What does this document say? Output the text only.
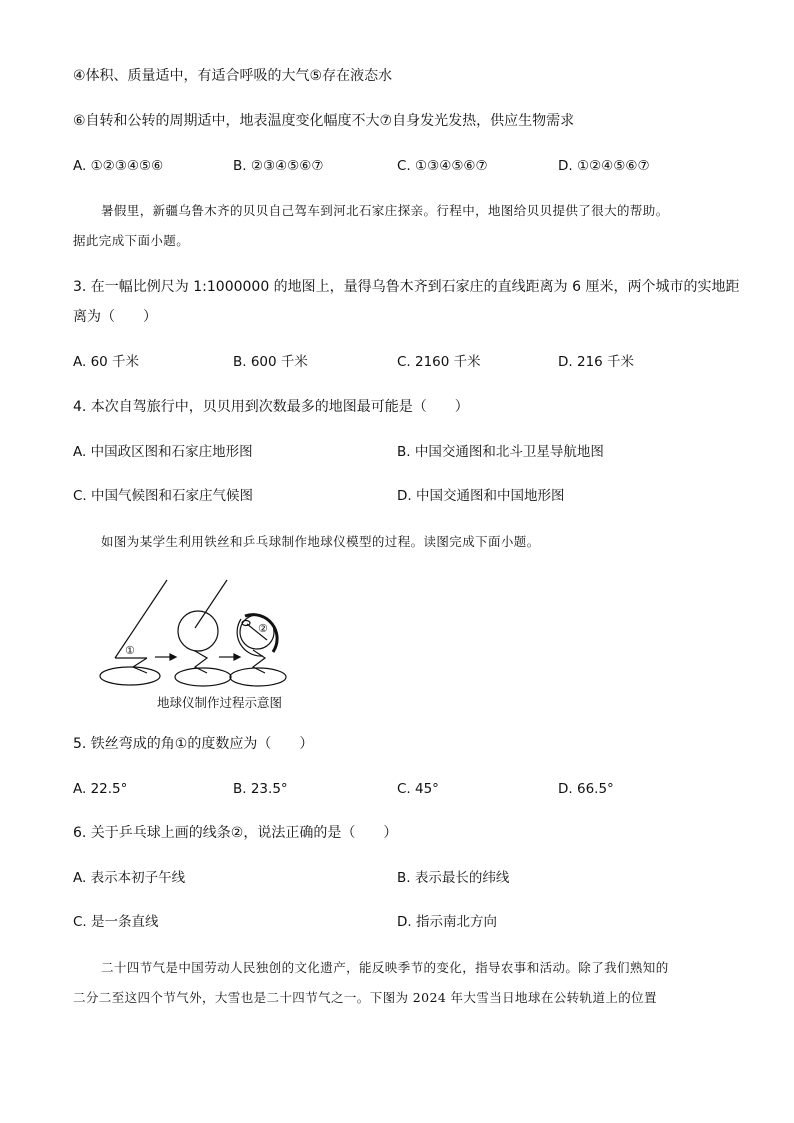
④体积、质量适中，有适合呼吸的大气⑤存在液态水
⑥自转和公转的周期适中，地表温度变化幅度不大⑦自身发光发热，供应生物需求
A. ①②③④⑤⑥	B. ②③④⑤⑥⑦	C. ①③④⑤⑥⑦	D. ①②④⑤⑥⑦
暑假里，新疆乌鲁木齐的贝贝自己驾车到河北石家庄探亲。行程中，地图给贝贝提供了很大的帮助。
据此完成下面小题。
3. 在一幅比例尺为 1:1000000 的地图上，量得乌鲁木齐到石家庄的直线距离为 6 厘米，两个城市的实地距
离为（　　）
A. 60 千米	B. 600 千米	C. 2160 千米	D. 216 千米
4. 本次自驾旅行中，贝贝用到次数最多的地图最可能是（　　）
A. 中国政区图和石家庄地形图	B. 中国交通图和北斗卫星导航地图
C. 中国气候图和石家庄气候图	D. 中国交通图和中国地形图
如图为某学生利用铁丝和乒乓球制作地球仪模型的过程。读图完成下面小题。
①
②
地球仪制作过程示意图
5. 铁丝弯成的角①的度数应为（　　）
A. 22.5°	B. 23.5°	C. 45°	D. 66.5°
6. 关于乒乓球上画的线条②，说法正确的是（　　）
A. 表示本初子午线	B. 表示最长的纬线
C. 是一条直线	D. 指示南北方向
二十四节气是中国劳动人民独创的文化遗产，能反映季节的变化，指导农事和活动。除了我们熟知的
二分二至这四个节气外，大雪也是二十四节气之一。下图为 2024 年大雪当日地球在公转轨道上的位置
